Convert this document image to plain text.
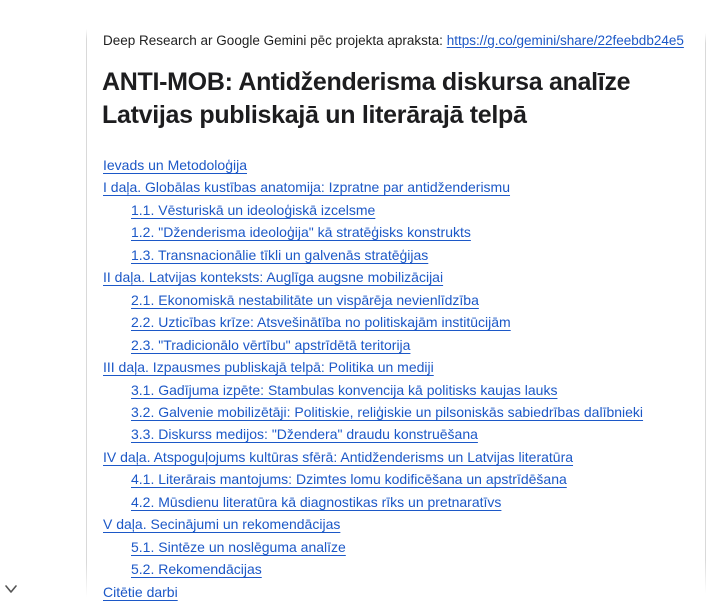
Deep Research ar Google Gemini pēc projekta apraksta: https://g.co/gemini/share/22feebdb24e5
ANTI-MOB: Antidženderisma diskursa analīze
Latvijas publiskajā un literārajā telpā
Ievads un Metodoloģija
I daļa. Globālas kustības anatomija: Izpratne par antidženderismu
1.1. Vēsturiskā un ideoloģiskā izcelsme
1.2. "Dženderisma ideoloģija" kā stratēģisks konstrukts
1.3. Transnacionālie tīkli un galvenās stratēģijas
II daļa. Latvijas konteksts: Auglīga augsne mobilizācijai
2.1. Ekonomiskā nestabilitāte un vispārēja nevienlīdzība
2.2. Uzticības krīze: Atsvešinātība no politiskajām institūcijām
2.3. "Tradicionālo vērtību" apstrīdētā teritorija
III daļa. Izpausmes publiskajā telpā: Politika un mediji
3.1. Gadījuma izpēte: Stambulas konvencija kā politisks kaujas lauks
3.2. Galvenie mobilizētāji: Politiskie, reliģiskie un pilsoniskās sabiedrības dalībnieki
3.3. Diskurss medijos: "Džendera" draudu konstruēšana
IV daļa. Atspoguļojums kultūras sfērā: Antidženderisms un Latvijas literatūra
4.1. Literārais mantojums: Dzimtes lomu kodificēšana un apstrīdēšana
4.2. Mūsdienu literatūra kā diagnostikas rīks un pretnaratīvs
V daļa. Secinājumi un rekomendācijas
5.1. Sintēze un noslēguma analīze
5.2. Rekomendācijas
Citētie darbi
